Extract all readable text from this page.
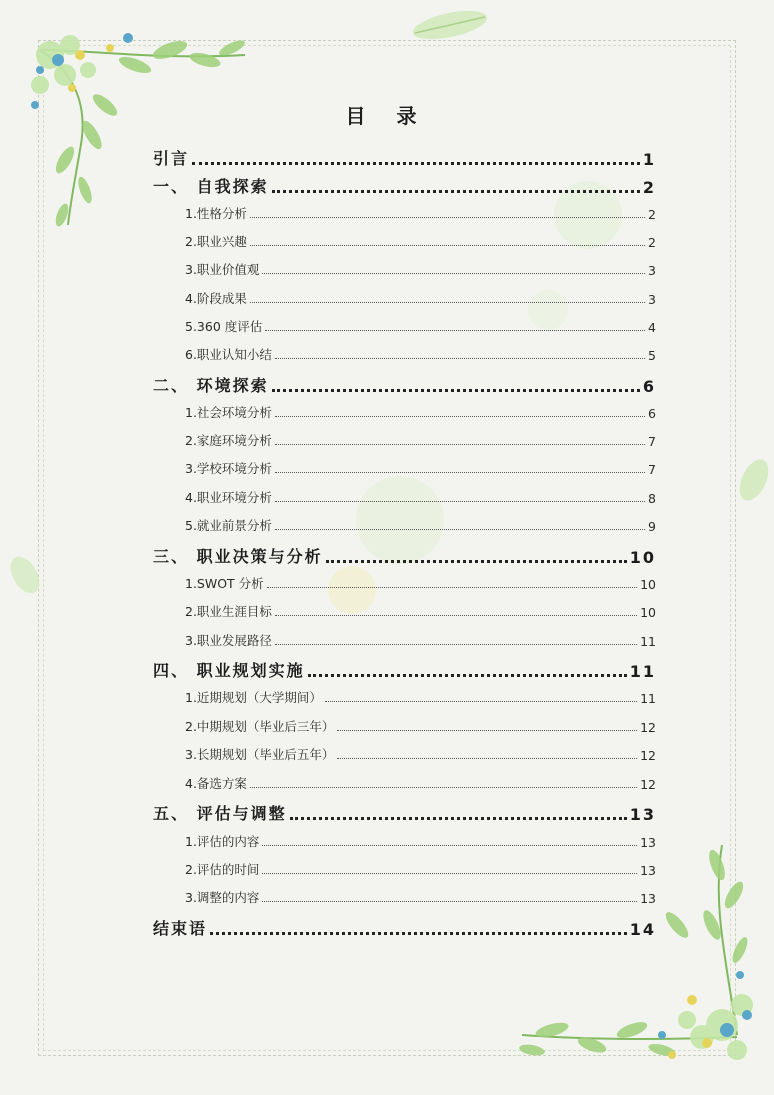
目 录
引言	1
一、 自我探索	2
1.性格分析	2
2.职业兴趣	2
3.职业价值观	3
4.阶段成果	3
5.360 度评估	4
6.职业认知小结	5
二、 环境探索	6
1.社会环境分析	6
2.家庭环境分析	7
3.学校环境分析	7
4.职业环境分析	8
5.就业前景分析	9
三、 职业决策与分析	10
1.SWOT 分析	10
2.职业生涯目标	10
3.职业发展路径	11
四、 职业规划实施	11
1.近期规划（大学期间）	11
2.中期规划（毕业后三年）	12
3.长期规划（毕业后五年）	12
4.备选方案	12
五、 评估与调整	13
1.评估的内容	13
2.评估的时间	13
3.调整的内容	13
结束语	14
